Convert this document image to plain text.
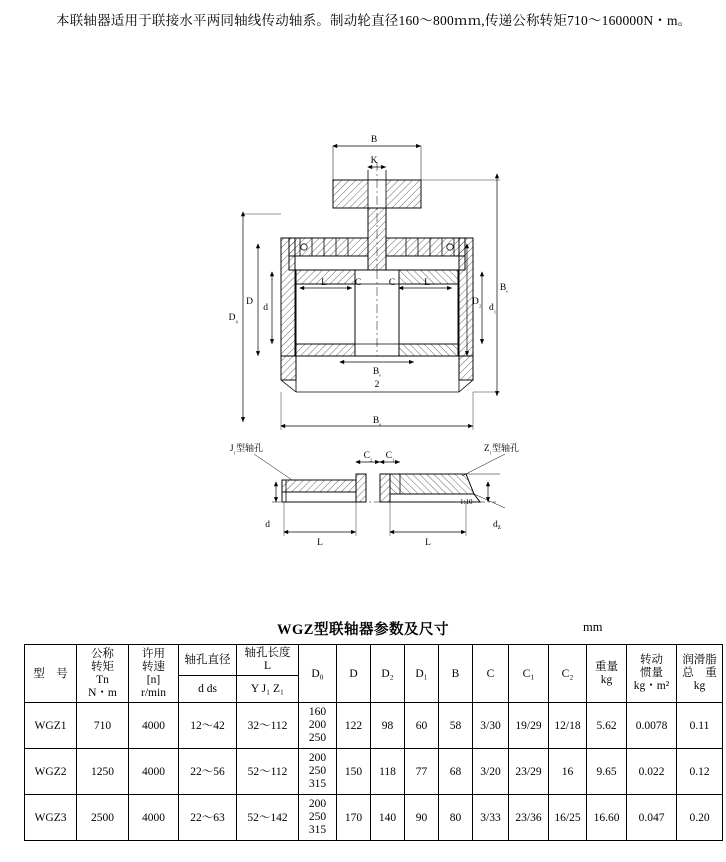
本联轴器适用于联接水平两同轴线传动轴系。制动轮直径160～800ｍｍ,传递公称转矩710～160000N・m。
B
K
$B_{_e}$
$D_{_0}$
D
d	$d_{_1}$
$D_{_2}$
L	L
C	C
$B_{_e}$
2
$B_{_e}$
$J_{_1}$型轴孔	$Z_{_1}$型轴孔
$C_{_2}$ $C_{_1}$
1:10
d	$d_z$
L	L
WGZ型联轴器参数及尺寸	mm
型　号	
公称
转矩
Tn
N・m

许用
转速
[n]
r/min
	轴孔直径	
轴孔长度
L
	D₀	D	D₂	D₁	B	C	C₁	C₂	
重量
kg

转动
惯量
kg・m²

润滑脂
总　重
kg

			d ds	Y J₁ Z₁											
WGZ1	710	4000	12～42	32～112	160
200
250	122	98	60	58	3/30	19/29	12/18	5.62	0.0078	0.11
WGZ2	1250	4000	22～56	52～112	200
250
315	150	118	77	68	3/20	23/29	16	9.65	0.022	0.12
WGZ3	2500	4000	22～63	52～142	200
250
315	170	140	90	80	3/33	23/36	16/25	16.60	0.047	0.20
